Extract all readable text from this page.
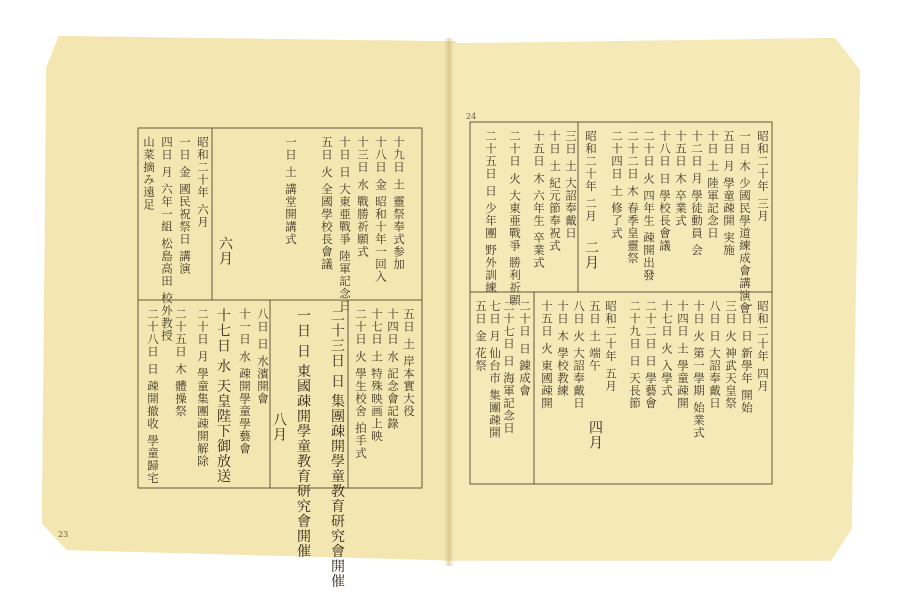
十九日 土 靈祭奉式参加
十八日 金 昭和十年一回入
十三日 水 戰勝祈願式
十日 日 大東亜戰爭 陸軍記念日
五日 火 全國學校長會議
一日 土 講堂開講式
昭和二十年 六月
一日 金 國民祝祭日 講演
四日 月 六年一組 松島高田 校外教授
山菜摘み遠足
六月
五日 土 岸本實大役
十四日 水 記念會記錄
十七日 土 特殊映画上映
二十日 火 學生校舍 拍手式
二十三日 日 集團疎開學童教育研究會開催
一日 日 東國疎開學童教育研究會開催
八日 日 水濱開會
十一日 水 疎開學童學藝會
十七日 水 天皇陛下御放送
二十日 月 學童集團疎開解除
二十五日 木 體操祭
二十八日 日 疎開撤收 學童歸宅	八月
23
昭和二十年 三月
一日 木 少國民學道練成會講演會
五日 月 學童疎開 実施
十日 土 陸軍記念日
十二日 月 學徒動員 会
十五日 木 卒業式
十八日 日 學校長會議
二十日 火 四年生 疎開出發
二十二日 木 春季皇靈祭
二十四日 土 修了式
昭和二十年 二月
三日 土 大詔奉戴日
十日 土 紀元節奉祝式
十五日 木 六年生 卒業式
二十日 火 大東亜戰爭 勝利祈願
二十五日 日 少年團 野外訓練	二月
24
昭和二十年 四月
一日 日 新學年 開始
三日 火 神武天皇祭
八日 日 大詔奉戴日
十日 火 第一學期 始業式
十四日 土 學童疎開
十七日 火 入學式
二十二日 日 學藝會
二十九日 日 天長節
昭和二十年 五月
五日 土 端午
八日 火 大詔奉戴日
十日 木 學校教練
十五日 火 東國疎開
二十日 日 錬成會
二十七日 日 海軍記念日
七日 月 仙台市 集團疎開
五日 金 花祭
四月
